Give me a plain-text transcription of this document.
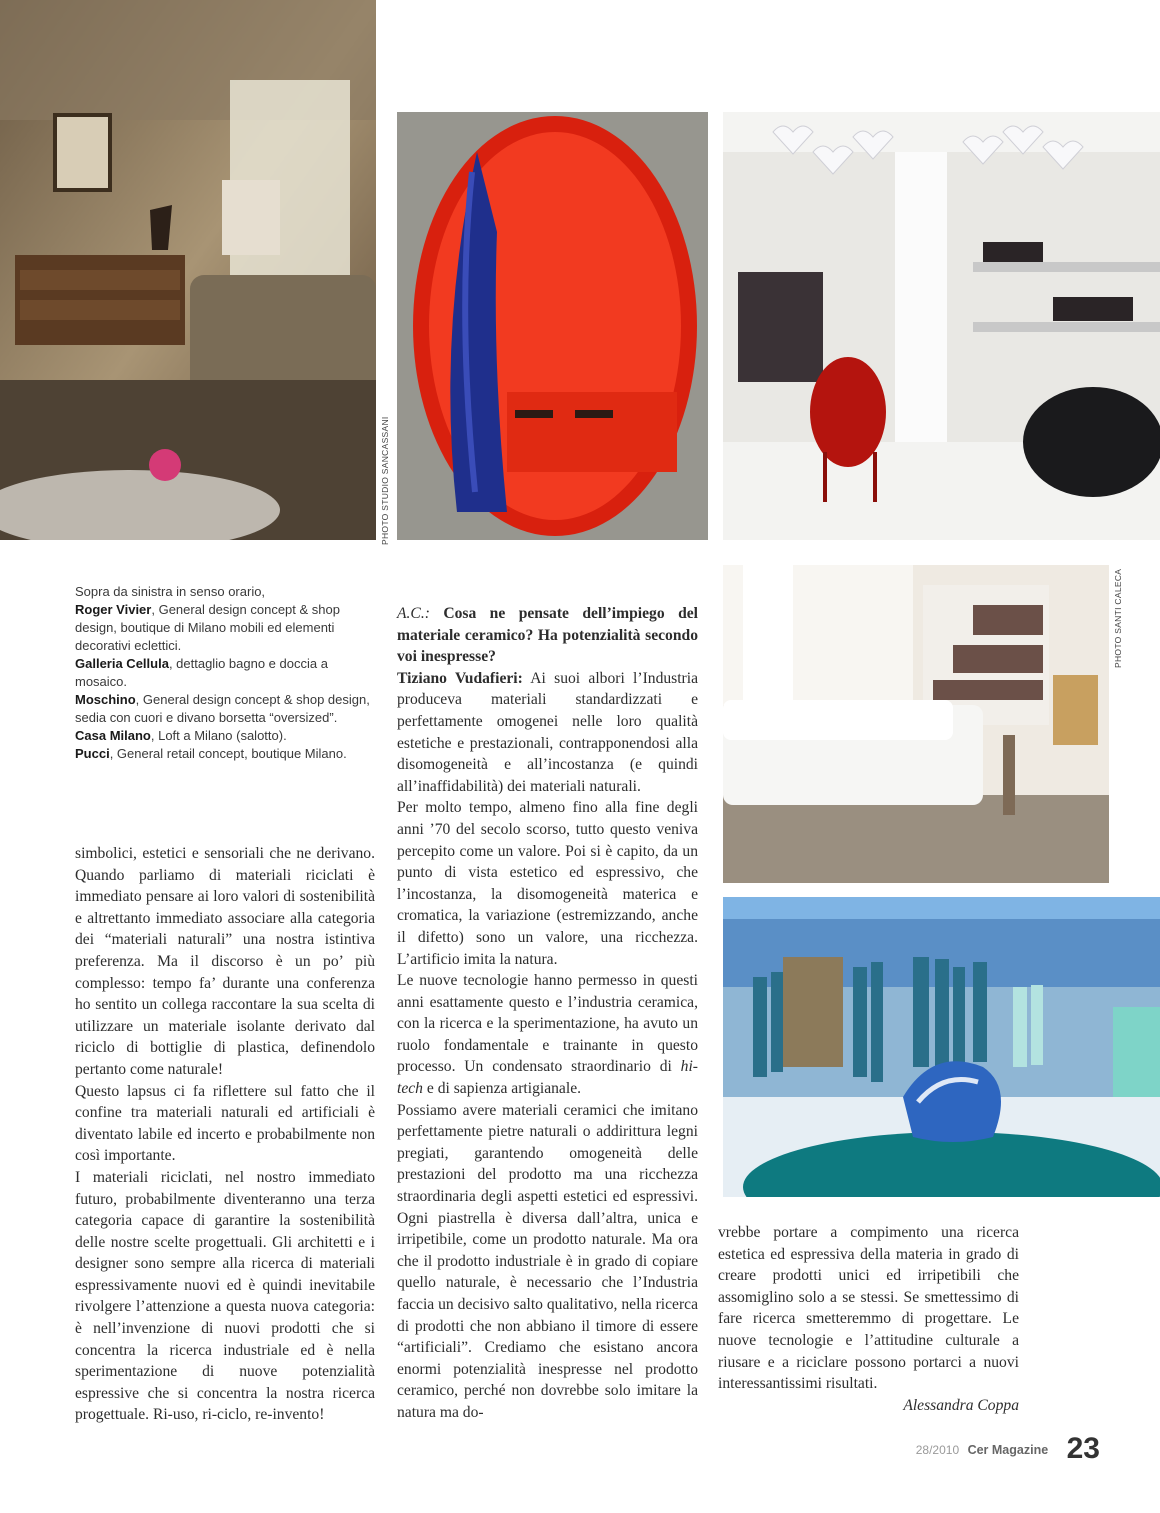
PHOTO STUDIO SANCASSANI
PHOTO SANTI CALECA

Sopra da sinistra in senso orario,

Roger Vivier, General design concept & shop design, boutique di Milano mobili ed elementi decorativi eclettici.

Galleria Cellula, dettaglio bagno e doccia a mosaico.

Moschino, General design concept & shop design, sedia con cuori e divano borsetta “oversized”.

Casa Milano, Loft a Milano (salotto).

Pucci, General retail concept, boutique Milano.

simbolici, estetici e sensoriali che ne derivano. Quando parliamo di materiali riciclati è immediato pensare ai loro valori di sostenibilità e altrettanto immediato associare alla categoria dei “materiali naturali” una nostra istintiva preferenza. Ma il discorso è un po’ più complesso: tempo fa’ durante una conferenza ho sentito un collega raccontare la sua scelta di utilizzare un materiale isolante derivato dal riciclo di bottiglie di plastica, definendolo pertanto come naturale!

Questo lapsus ci fa riflettere sul fatto che il confine tra materiali naturali ed artificiali è diventato labile ed incerto e probabilmente non così importante.

I materiali riciclati, nel nostro immediato futuro, probabilmente diventeranno una terza categoria capace di garantire la sostenibilità delle nostre scelte progettuali. Gli architetti e i designer sono sempre alla ricerca di materiali espressivamente nuovi ed è quindi inevitabile rivolgere l’attenzione a questa nuova categoria: è nell’invenzione di nuovi prodotti che si concentra la ricerca industriale ed è nella sperimentazione di nuove potenzialità espressive che si concentra la nostra ricerca progettuale. Ri-uso, ri-ciclo, re-invento!

A.C.: Cosa ne pensate dell’impiego del materiale ceramico? Ha potenzialità secondo voi inespresse?

Tiziano Vudafieri: Ai suoi albori l’Industria produceva materiali standardizzati e perfettamente omogenei nelle loro qualità estetiche e prestazionali, contrapponendosi alla disomogeneità e all’incostanza (e quindi all’inaffidabilità) dei materiali naturali.

Per molto tempo, almeno fino alla fine degli anni ’70 del secolo scorso, tutto questo veniva percepito come un valore. Poi si è capito, da un punto di vista estetico ed espressivo, che l’incostanza, la disomogeneità materica e cromatica, la variazione (estremizzando, anche il difetto) sono un valore, una ricchezza. L’artificio imita la natura.

Le nuove tecnologie hanno permesso in questi anni esattamente questo e l’industria ceramica, con la ricerca e la sperimentazione, ha avuto un ruolo fondamentale e trainante in questo processo. Un condensato straordinario di hi-tech e di sapienza artigianale.

Possiamo avere materiali ceramici che imitano perfettamente pietre naturali o addirittura legni pregiati, garantendo omogeneità delle prestazioni del prodotto ma una ricchezza straordinaria degli aspetti estetici ed espressivi. Ogni piastrella è diversa dall’altra, unica e irripetibile, come un prodotto naturale. Ma ora che il prodotto industriale è in grado di copiare quello naturale, è necessario che l’Industria faccia un decisivo salto qualitativo, nella ricerca di prodotti che non abbiano il timore di essere “artificiali”. Crediamo che esistano ancora enormi potenzialità inespresse nel prodotto ceramico, perché non dovrebbe solo imitare la natura ma do-

vrebbe portare a compimento una ricerca estetica ed espressiva della materia in grado di creare prodotti unici ed irripetibili che assomiglino solo a se stessi. Se smettessimo di fare ricerca smetteremmo di progettare. Le nuove tecnologie e l’attitudine culturale a riusare e a riciclare possono portarci a nuovi interessantissimi risultati.

Alessandra Coppa

28/2010 Cer Magazine 23
